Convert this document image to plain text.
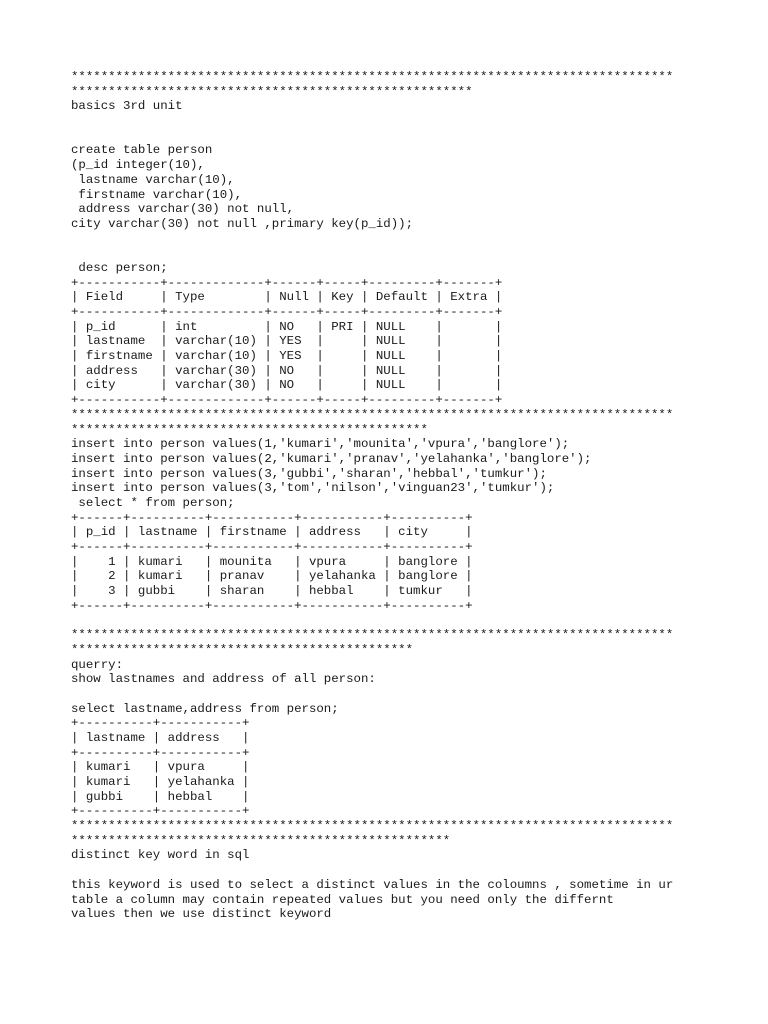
*********************************************************************************
******************************************************
basics 3rd unit
create table person
(p_id integer(10),
lastname varchar(10),
firstname varchar(10),
address varchar(30) not null,
city varchar(30) not null ,primary key(p_id));
desc person;
+-----------+-------------+------+-----+---------+-------+
| Field     | Type        | Null | Key | Default | Extra |
+-----------+-------------+------+-----+---------+-------+
| p_id      | int         | NO   | PRI | NULL    |       |
| lastname  | varchar(10) | YES  |     | NULL    |       |
| firstname | varchar(10) | YES  |     | NULL    |       |
| address   | varchar(30) | NO   |     | NULL    |       |
| city      | varchar(30) | NO   |     | NULL    |       |
+-----------+-------------+------+-----+---------+-------+
*********************************************************************************
************************************************
insert into person values(1,'kumari','mounita','vpura','banglore');
insert into person values(2,'kumari','pranav','yelahanka','banglore');
insert into person values(3,'gubbi','sharan','hebbal','tumkur');
insert into person values(3,'tom','nilson','vinguan23','tumkur');
select * from person;
+------+----------+-----------+-----------+----------+
| p_id | lastname | firstname | address   | city     |
+------+----------+-----------+-----------+----------+
|    1 | kumari   | mounita   | vpura     | banglore |
|    2 | kumari   | pranav    | yelahanka | banglore |
|    3 | gubbi    | sharan    | hebbal    | tumkur   |
+------+----------+-----------+-----------+----------+
*********************************************************************************
**********************************************
querry:
show lastnames and address of all person:
select lastname,address from person;
+----------+-----------+
| lastname | address   |
+----------+-----------+
| kumari   | vpura     |
| kumari   | yelahanka |
| gubbi    | hebbal    |
+----------+-----------+
*********************************************************************************
***************************************************
distinct key word in sql
this keyword is used to select a distinct values in the coloumns , sometime in ur
table a column may contain repeated values but you need only the differnt
values then we use distinct keyword
